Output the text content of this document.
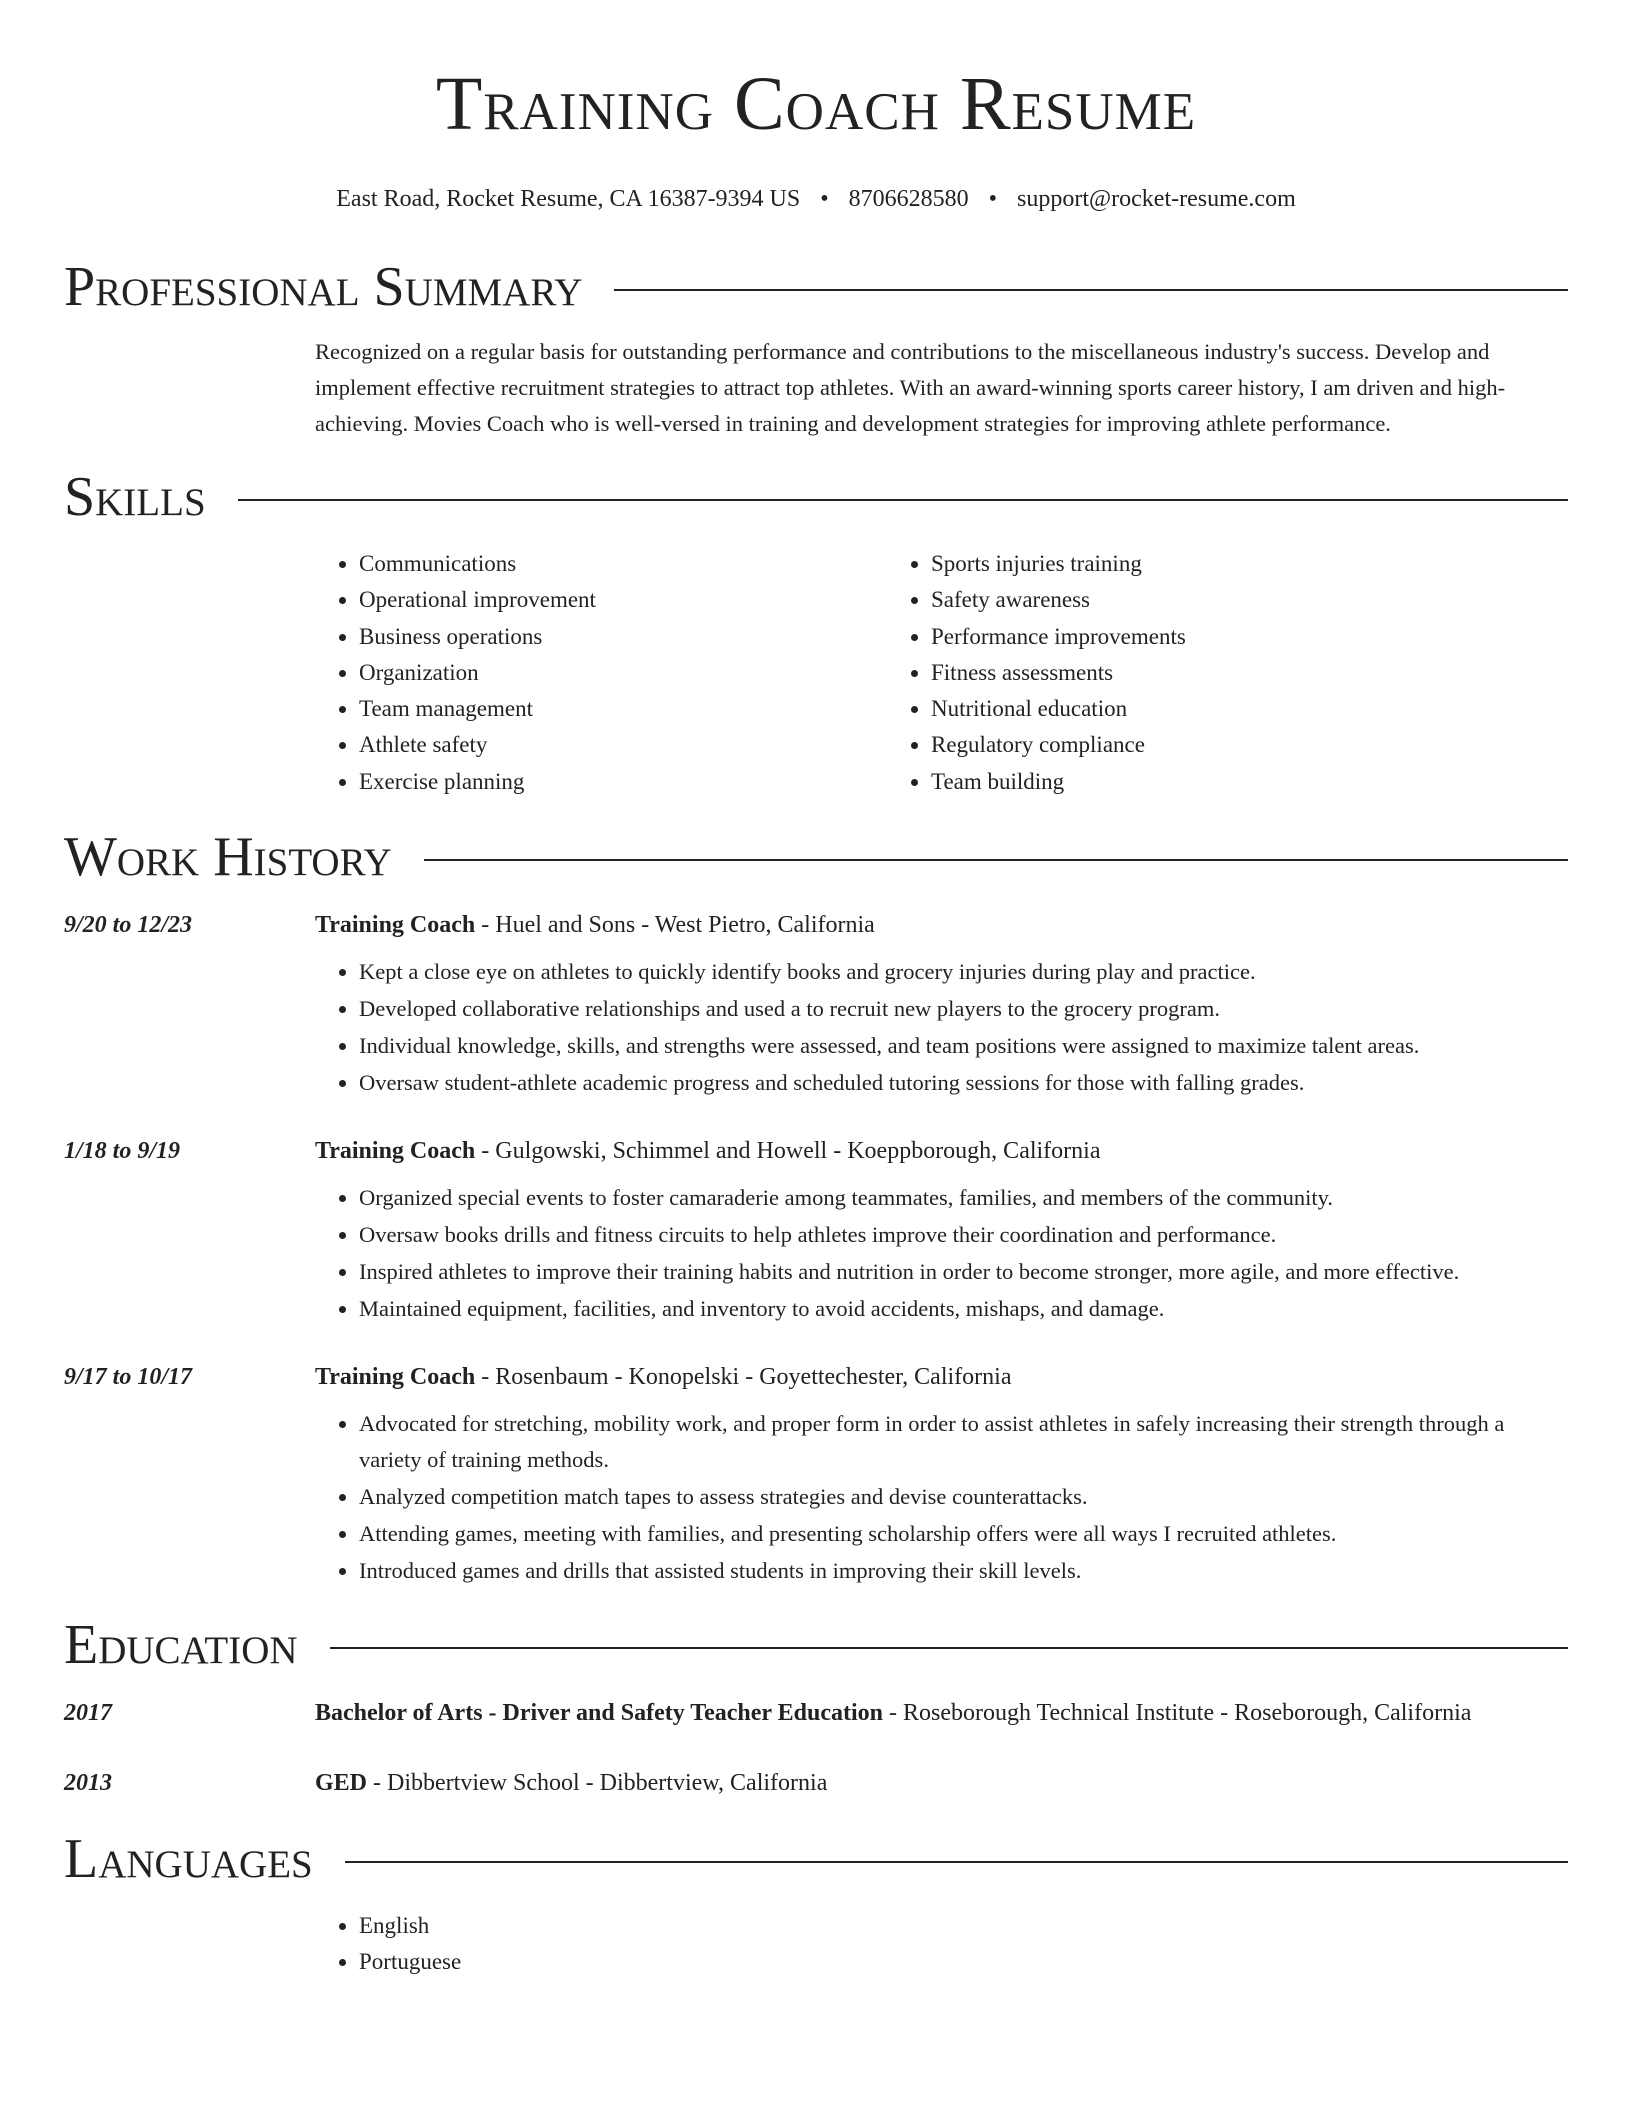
Training Coach Resume
East Road, Rocket Resume, CA 16387-9394 US • 8706628580 • support@rocket-resume.com
Professional Summary
Recognized on a regular basis for outstanding performance and contributions to the miscellaneous industry's success. Develop and implement effective recruitment strategies to attract top athletes. With an award-winning sports career history, I am driven and high-achieving. Movies Coach who is well-versed in training and development strategies for improving athlete performance.
Skills
• Communications
• Operational improvement
• Business operations
• Organization
• Team management
• Athlete safety
• Exercise planning
• Sports injuries training
• Safety awareness
• Performance improvements
• Fitness assessments
• Nutritional education
• Regulatory compliance
• Team building
Work History
9/20 to 12/23	Training Coach - Huel and Sons - West Pietro, California
• Kept a close eye on athletes to quickly identify books and grocery injuries during play and practice.
• Developed collaborative relationships and used a to recruit new players to the grocery program.
• Individual knowledge, skills, and strengths were assessed, and team positions were assigned to maximize talent areas.
• Oversaw student-athlete academic progress and scheduled tutoring sessions for those with falling grades.
1/18 to 9/19	Training Coach - Gulgowski, Schimmel and Howell - Koeppborough, California
• Organized special events to foster camaraderie among teammates, families, and members of the community.
• Oversaw books drills and fitness circuits to help athletes improve their coordination and performance.
• Inspired athletes to improve their training habits and nutrition in order to become stronger, more agile, and more effective.
• Maintained equipment, facilities, and inventory to avoid accidents, mishaps, and damage.
9/17 to 10/17	Training Coach - Rosenbaum - Konopelski - Goyettechester, California
• Advocated for stretching, mobility work, and proper form in order to assist athletes in safely increasing their strength through a variety of training methods.
• Analyzed competition match tapes to assess strategies and devise counterattacks.
• Attending games, meeting with families, and presenting scholarship offers were all ways I recruited athletes.
• Introduced games and drills that assisted students in improving their skill levels.
Education
2017	Bachelor of Arts - Driver and Safety Teacher Education - Roseborough Technical Institute - Roseborough, California
2013	GED - Dibbertview School - Dibbertview, California
Languages
• English
• Portuguese
